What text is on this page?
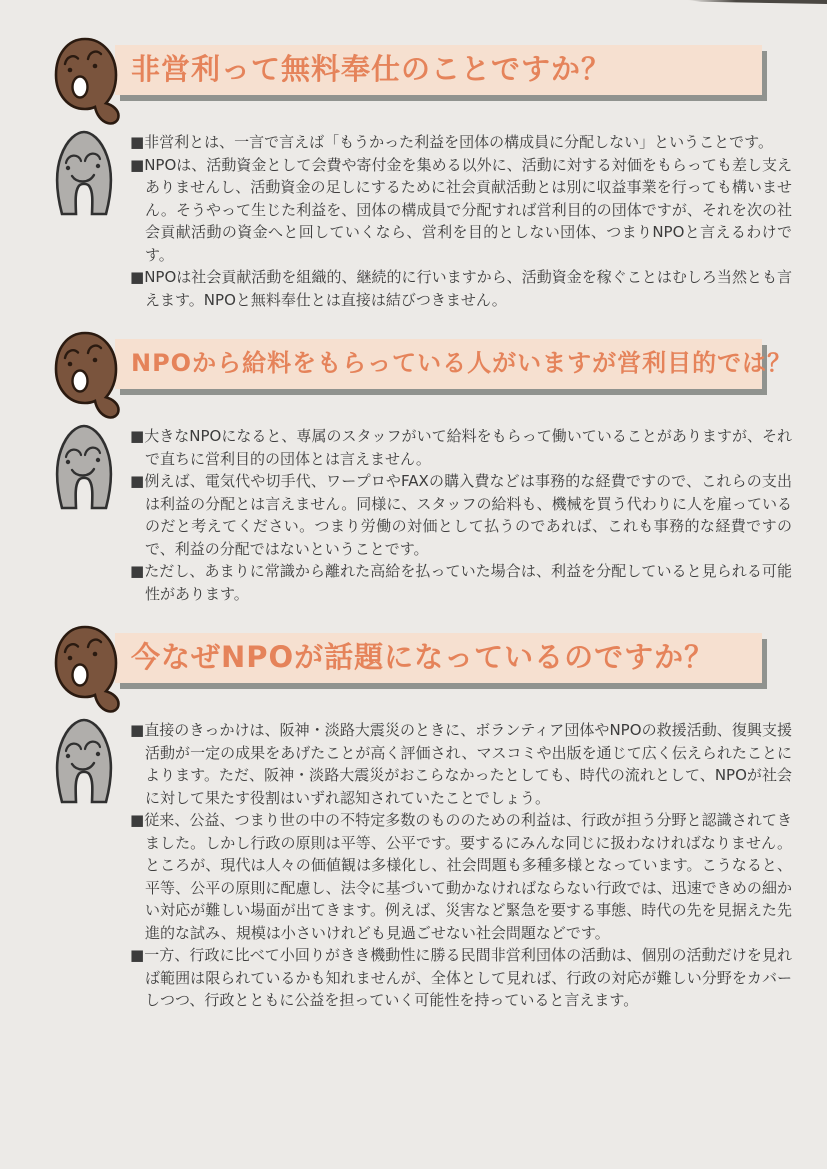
非営利って無料奉仕のことですか？

■非営利とは、一言で言えば「もうかった利益を団体の構成員に分配しない」ということです。

■NPOは、活動資金として会費や寄付金を集める以外に、活動に対する対価をもらっても差し支えありませんし、活動資金の足しにするために社会貢献活動とは別に収益事業を行っても構いません。そうやって生じた利益を、団体の構成員で分配すれば営利目的の団体ですが、それを次の社会貢献活動の資金へと回していくなら、営利を目的としない団体、つまりNPOと言えるわけです。

■NPOは社会貢献活動を組織的、継続的に行いますから、活動資金を稼ぐことはむしろ当然とも言えます。NPOと無料奉仕とは直接は結びつきません。

NPOから給料をもらっている人がいますが営利目的では？

■大きなNPOになると、専属のスタッフがいて給料をもらって働いていることがありますが、それで直ちに営利目的の団体とは言えません。

■例えば、電気代や切手代、ワープロやFAXの購入費などは事務的な経費ですので、これらの支出は利益の分配とは言えません。同様に、スタッフの給料も、機械を買う代わりに人を雇っているのだと考えてください。つまり労働の対価として払うのであれば、これも事務的な経費ですので、利益の分配ではないということです。

■ただし、あまりに常識から離れた高給を払っていた場合は、利益を分配していると見られる可能性があります。

今なぜNPOが話題になっているのですか？

■直接のきっかけは、阪神・淡路大震災のときに、ボランティア団体やNPOの救援活動、復興支援活動が一定の成果をあげたことが高く評価され、マスコミや出版を通じて広く伝えられたことによります。ただ、阪神・淡路大震災がおこらなかったとしても、時代の流れとして、NPOが社会に対して果たす役割はいずれ認知されていたことでしょう。

■従来、公益、つまり世の中の不特定多数のもののための利益は、行政が担う分野と認識されてきました。しかし行政の原則は平等、公平です。要するにみんな同じに扱わなければなりません。ところが、現代は人々の価値観は多様化し、社会問題も多種多様となっています。こうなると、平等、公平の原則に配慮し、法令に基づいて動かなければならない行政では、迅速できめの細かい対応が難しい場面が出てきます。例えば、災害など緊急を要する事態、時代の先を見据えた先進的な試み、規模は小さいけれども見過ごせない社会問題などです。

■一方、行政に比べて小回りがきき機動性に勝る民間非営利団体の活動は、個別の活動だけを見れば範囲は限られているかも知れませんが、全体として見れば、行政の対応が難しい分野をカバーしつつ、行政とともに公益を担っていく可能性を持っていると言えます。
